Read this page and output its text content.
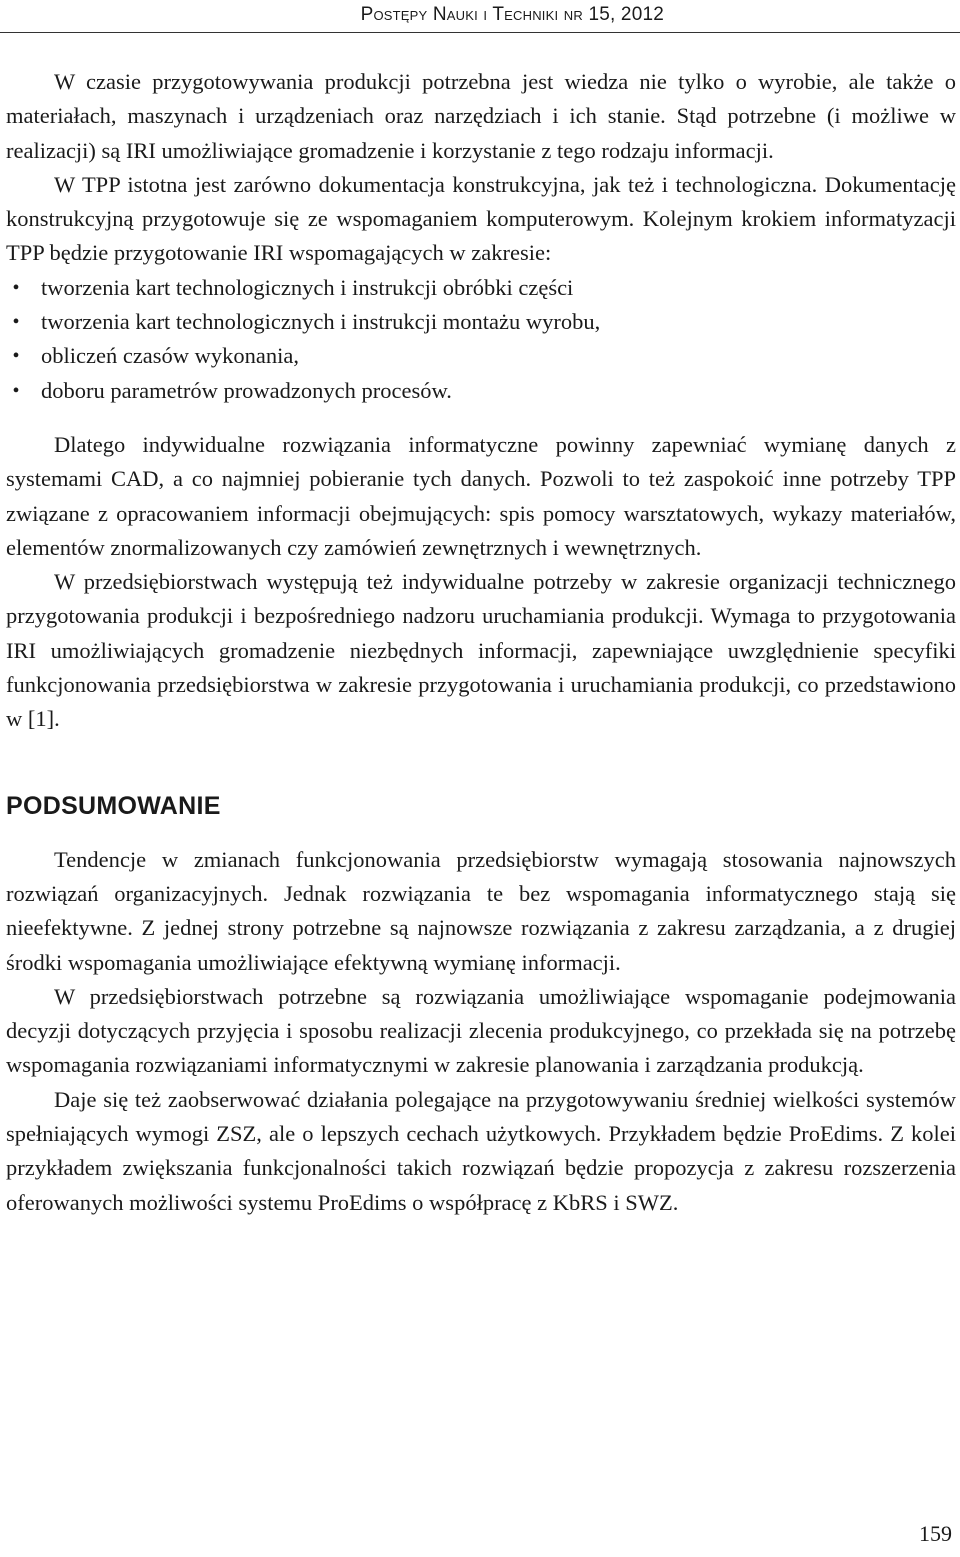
Postępy Nauki i Techniki nr 15, 2012

W czasie przygotowywania produkcji potrzebna jest wiedza nie tylko o wyrobie, ale także o materiałach, maszynach i urządzeniach oraz narzędziach i ich stanie. Stąd potrzebne (i możliwe w realizacji) są IRI umożliwiające gromadzenie i korzystanie z tego rodzaju informacji.

W TPP istotna jest zarówno dokumentacja konstrukcyjna, jak też i technologiczna. Dokumentację konstrukcyjną przygotowuje się ze wspomaganiem komputerowym. Kolejnym krokiem informatyzacji TPP będzie przygotowanie IRI wspomagających w zakresie:

• tworzenia kart technologicznych i instrukcji obróbki części
• tworzenia kart technologicznych i instrukcji montażu wyrobu,
• obliczeń czasów wykonania,
• doboru parametrów prowadzonych procesów.

Dlatego indywidualne rozwiązania informatyczne powinny zapewniać wymianę danych z systemami CAD, a co najmniej pobieranie tych danych. Pozwoli to też zaspokoić inne potrzeby TPP związane z opracowaniem informacji obejmujących: spis pomocy warsztatowych, wykazy materiałów, elementów znormalizowanych czy zamówień zewnętrznych i wewnętrznych.

W przedsiębiorstwach występują też indywidualne potrzeby w zakresie organizacji technicznego przygotowania produkcji i bezpośredniego nadzoru uruchamiania produkcji. Wymaga to przygotowania IRI umożliwiających gromadzenie niezbędnych informacji, zapewniające uwzględnienie specyfiki funkcjonowania przedsiębiorstwa w zakresie przygotowania i uruchamiania produkcji, co przedstawiono w [1].

PODSUMOWANIE

Tendencje w zmianach funkcjonowania przedsiębiorstw wymagają stosowania najnowszych rozwiązań organizacyjnych. Jednak rozwiązania te bez wspomagania informatycznego stają się nieefektywne. Z jednej strony potrzebne są najnowsze rozwiązania z zakresu zarządzania, a z drugiej środki wspomagania umożliwiające efektywną wymianę informacji.

W przedsiębiorstwach potrzebne są rozwiązania umożliwiające wspomaganie podejmowania decyzji dotyczących przyjęcia i sposobu realizacji zlecenia produkcyjnego, co przekłada się na potrzebę wspomagania rozwiązaniami informatycznymi w zakresie planowania i zarządzania produkcją.

Daje się też zaobserwować działania polegające na przygotowywaniu średniej wielkości systemów spełniających wymogi ZSZ, ale o lepszych cechach użytkowych. Przykładem będzie ProEdims. Z kolei przykładem zwiększania funkcjonalności takich rozwiązań będzie propozycja z zakresu rozszerzenia oferowanych możliwości systemu ProEdims o współpracę z KbRS i SWZ.

159
